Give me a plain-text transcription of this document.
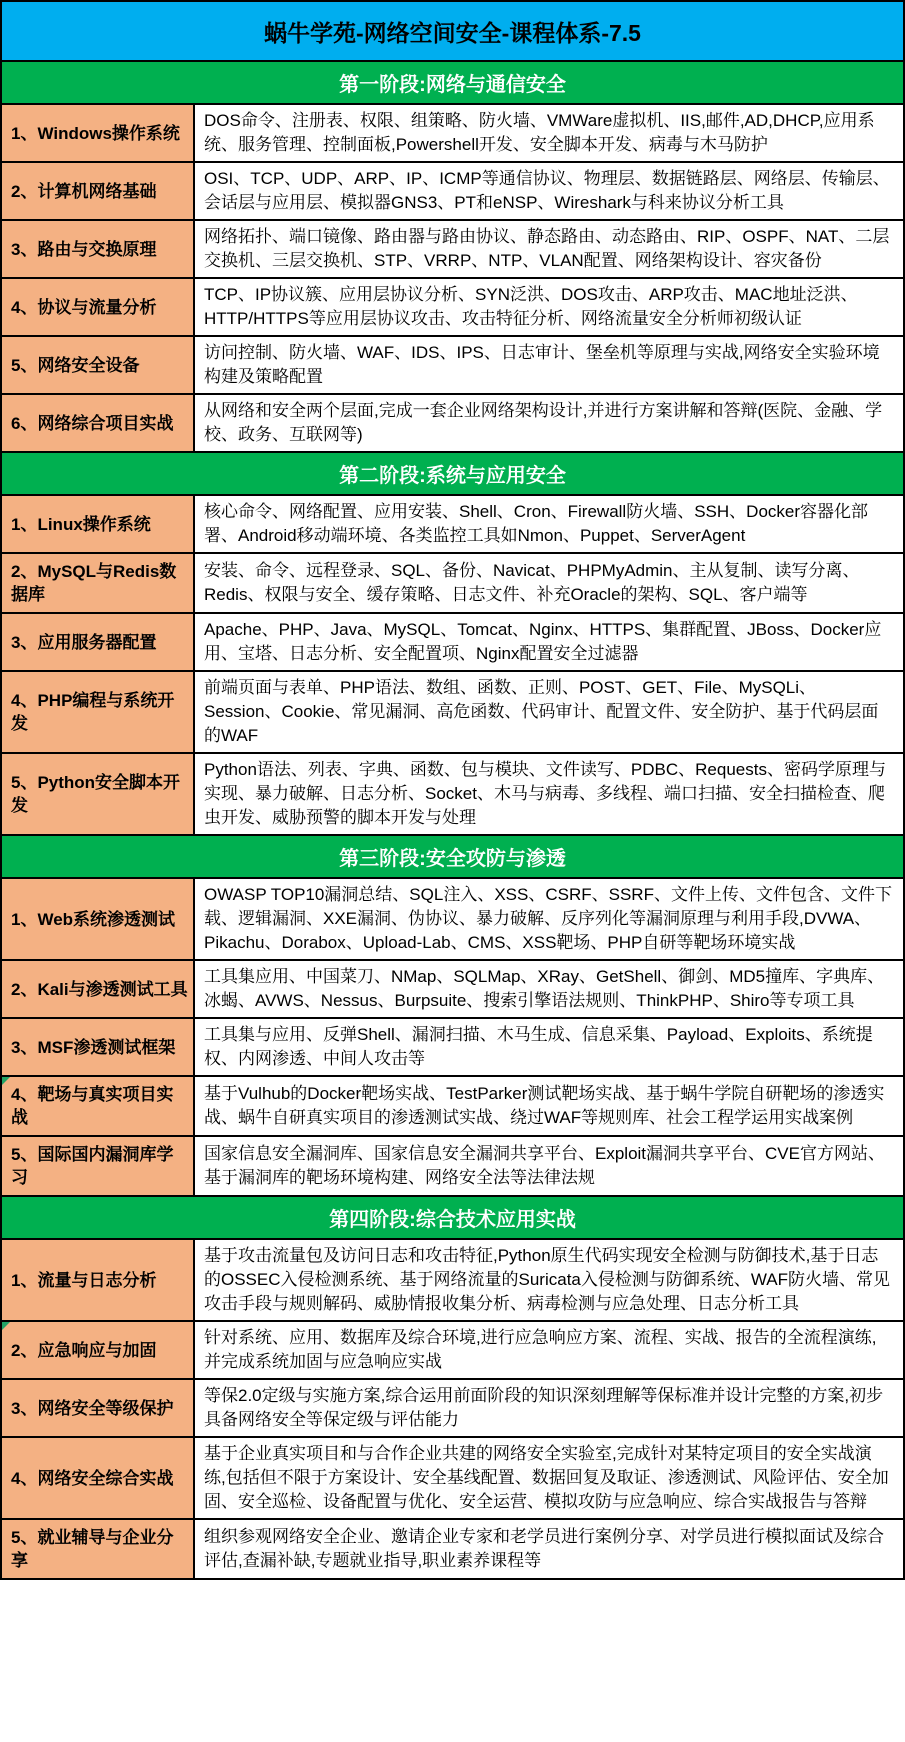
蜗牛学苑-网络空间安全-课程体系-7.5
第一阶段:网络与通信安全
1、Windows操作系统
DOS命令、注册表、权限、组策略、防火墙、VMWare虚拟机、IIS,邮件,AD,DHCP,应用系统、服务管理、控制面板,Powershell开发、安全脚本开发、病毒与木马防护
2、计算机网络基础
OSI、TCP、UDP、ARP、IP、ICMP等通信协议、物理层、数据链路层、网络层、传输层、会话层与应用层、模拟器GNS3、PT和eNSP、Wireshark与科来协议分析工具
3、路由与交换原理
网络拓扑、端口镜像、路由器与路由协议、静态路由、动态路由、RIP、OSPF、NAT、二层交换机、三层交换机、STP、VRRP、NTP、VLAN配置、网络架构设计、容灾备份
4、协议与流量分析
TCP、IP协议簇、应用层协议分析、SYN泛洪、DOS攻击、ARP攻击、MAC地址泛洪、HTTP/HTTPS等应用层协议攻击、攻击特征分析、网络流量安全分析师初级认证
5、网络安全设备
访问控制、防火墙、WAF、IDS、IPS、日志审计、堡垒机等原理与实战,网络安全实验环境构建及策略配置
6、网络综合项目实战
从网络和安全两个层面,完成一套企业网络架构设计,并进行方案讲解和答辩(医院、金融、学校、政务、互联网等)
第二阶段:系统与应用安全
1、Linux操作系统
核心命令、网络配置、应用安装、Shell、Cron、Firewall防火墙、SSH、Docker容器化部署、Android移动端环境、各类监控工具如Nmon、Puppet、ServerAgent
2、MySQL与Redis数据库
安装、命令、远程登录、SQL、备份、Navicat、PHPMyAdmin、主从复制、读写分离、Redis、权限与安全、缓存策略、日志文件、补充Oracle的架构、SQL、客户端等
3、应用服务器配置
Apache、PHP、Java、MySQL、Tomcat、Nginx、HTTPS、集群配置、JBoss、Docker应用、宝塔、日志分析、安全配置项、Nginx配置安全过滤器
4、PHP编程与系统开发
前端页面与表单、PHP语法、数组、函数、正则、POST、GET、File、MySQLi、Session、Cookie、常见漏洞、高危函数、代码审计、配置文件、安全防护、基于代码层面的WAF
5、Python安全脚本开发
Python语法、列表、字典、函数、包与模块、文件读写、PDBC、Requests、密码学原理与实现、暴力破解、日志分析、Socket、木马与病毒、多线程、端口扫描、安全扫描检查、爬虫开发、威胁预警的脚本开发与处理
第三阶段:安全攻防与渗透
1、Web系统渗透测试
OWASP TOP10漏洞总结、SQL注入、XSS、CSRF、SSRF、文件上传、文件包含、文件下载、逻辑漏洞、XXE漏洞、伪协议、暴力破解、反序列化等漏洞原理与利用手段,DVWA、Pikachu、Dorabox、Upload-Lab、CMS、XSS靶场、PHP自研等靶场环境实战
2、Kali与渗透测试工具
工具集应用、中国菜刀、NMap、SQLMap、XRay、GetShell、御剑、MD5撞库、字典库、冰蝎、AVWS、Nessus、Burpsuite、搜索引擎语法规则、ThinkPHP、Shiro等专项工具
3、MSF渗透测试框架
工具集与应用、反弹Shell、漏洞扫描、木马生成、信息采集、Payload、Exploits、系统提权、内网渗透、中间人攻击等
4、靶场与真实项目实战
基于Vulhub的Docker靶场实战、TestParker测试靶场实战、基于蜗牛学院自研靶场的渗透实战、蜗牛自研真实项目的渗透测试实战、绕过WAF等规则库、社会工程学运用实战案例
5、国际国内漏洞库学习
国家信息安全漏洞库、国家信息安全漏洞共享平台、Exploit漏洞共享平台、CVE官方网站、基于漏洞库的靶场环境构建、网络安全法等法律法规
第四阶段:综合技术应用实战
1、流量与日志分析
基于攻击流量包及访问日志和攻击特征,Python原生代码实现安全检测与防御技术,基于日志的OSSEC入侵检测系统、基于网络流量的Suricata入侵检测与防御系统、WAF防火墙、常见攻击手段与规则解码、威胁情报收集分析、病毒检测与应急处理、日志分析工具
2、应急响应与加固
针对系统、应用、数据库及综合环境,进行应急响应方案、流程、实战、报告的全流程演练,并完成系统加固与应急响应实战
3、网络安全等级保护
等保2.0定级与实施方案,综合运用前面阶段的知识深刻理解等保标准并设计完整的方案,初步具备网络安全等保定级与评估能力
4、网络安全综合实战
基于企业真实项目和与合作企业共建的网络安全实验室,完成针对某特定项目的安全实战演练,包括但不限于方案设计、安全基线配置、数据回复及取证、渗透测试、风险评估、安全加固、安全巡检、设备配置与优化、安全运营、模拟攻防与应急响应、综合实战报告与答辩
5、就业辅导与企业分享
组织参观网络安全企业、邀请企业专家和老学员进行案例分享、对学员进行模拟面试及综合评估,查漏补缺,专题就业指导,职业素养课程等
